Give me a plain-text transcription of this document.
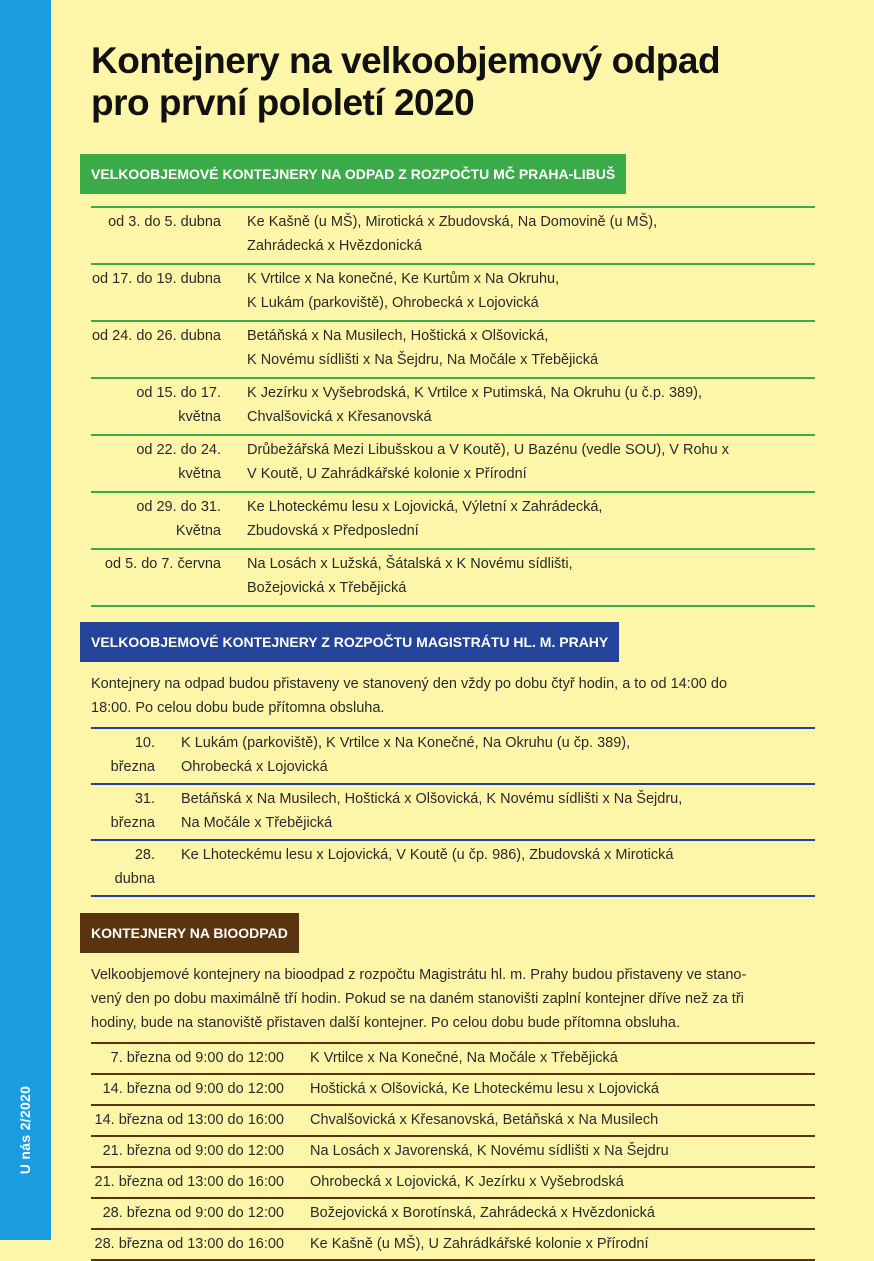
U nás 2/2020
Kontejnery na velkoobjemový odpad
pro první pololetí 2020
VELKOOBJEMOVÉ KONTEJNERY NA ODPAD Z ROZPOČTU MČ PRAHA-LIBUŠ
od 3. do 5. dubna	Ke Kašně (u MŠ), Mirotická x Zbudovská, Na Domovině (u MŠ),
Zahrádecká x Hvězdonická
od 17. do 19. dubna	K Vrtilce x Na konečné, Ke Kurtům x Na Okruhu,
K Lukám (parkoviště), Ohrobecká x Lojovická
od 24. do 26. dubna	Betáňská x Na Musilech, Hoštická x Olšovická,
K Novému sídlišti x Na Šejdru, Na Močále x Třebějická
od 15. do 17. května	K Jezírku x Vyšebrodská, K Vrtilce x Putimská, Na Okruhu (u č.p. 389),
Chvalšovická x Křesanovská
od 22. do 24. května	Drůbežářská Mezi Libušskou a V Koutě), U Bazénu (vedle SOU), V Rohu x
V Koutě, U Zahrádkářské kolonie x Přírodní
od 29. do 31. Května	Ke Lhoteckému lesu x Lojovická, Výletní x Zahrádecká,
Zbudovská x Předposlední
od 5. do 7. června	Na Losách x Lužská, Šátalská x K Novému sídlišti,
Božejovická x Třebějická
VELKOOBJEMOVÉ KONTEJNERY Z ROZPOČTU MAGISTRÁTU HL. M. PRAHY

Kontejnery na odpad budou přistaveny ve stanovený den vždy po dobu čtyř hodin, a to od 14:00 do
18:00. Po celou dobu bude přítomna obsluha.

10. března	K Lukám (parkoviště), K Vrtilce x Na Konečné, Na Okruhu (u čp. 389),
Ohrobecká x Lojovická
31. března	Betáňská x Na Musilech, Hoštická x Olšovická, K Novému sídlišti x Na Šejdru,
Na Močále x Třebějická
28. dubna	Ke Lhoteckému lesu x Lojovická, V Koutě (u čp. 986), Zbudovská x Mirotická
KONTEJNERY NA BIOODPAD

Velkoobjemové kontejnery na bioodpad z rozpočtu Magistrátu hl. m. Prahy budou přistaveny ve stano-
vený den po dobu maximálně tří hodin. Pokud se na daném stanovišti zaplní kontejner dříve než za tři
hodiny, bude na stanoviště přistaven další kontejner. Po celou dobu bude přítomna obsluha.

7. března od 9:00 do 12:00	K Vrtilce x Na Konečné, Na Močále x Třebějická
14. března od 9:00 do 12:00	Hoštická x Olšovická, Ke Lhoteckému lesu x Lojovická
14. března od 13:00 do 16:00	Chvalšovická x Křesanovská, Betáňská x Na Musilech
21. března od 9:00 do 12:00	Na Losách x Javorenská, K Novému sídlišti x Na Šejdru
21. března od 13:00 do 16:00	Ohrobecká x Lojovická, K Jezírku x Vyšebrodská
28. března od 9:00 do 12:00	Božejovická x Borotínská, Zahrádecká x Hvězdonická
28. března od 13:00 do 16:00	Ke Kašně (u MŠ), U Zahrádkářské kolonie x Přírodní
